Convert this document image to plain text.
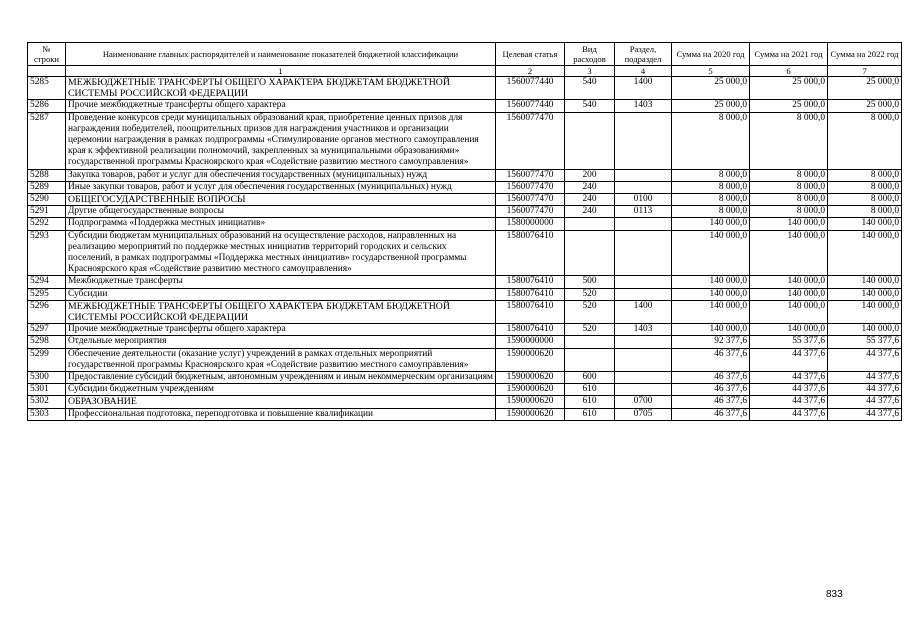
№ строки	Наименование главных распорядителей и наименование показателей бюджетной классификации	Целевая статья	Вид расходов	Раздел, подраздел	Сумма на 2020 год	Сумма на 2021 год	Сумма на 2022 год
	1	2	3	4	5	6	7
5285	МЕЖБЮДЖЕТНЫЕ ТРАНСФЕРТЫ ОБЩЕГО ХАРАКТЕРА БЮДЖЕТАМ БЮДЖЕТНОЙ СИСТЕМЫ РОССИЙСКОЙ ФЕДЕРАЦИИ	1560077440	540	1400	25 000,0	25 000,0	25 000,0
5286	Прочие межбюджетные трансферты общего характера	1560077440	540	1403	25 000,0	25 000,0	25 000,0
5287	Проведение конкурсов среди муниципальных образований края, приобретение ценных призов для награждения победителей, поощрительных призов для награждения участников и организации церемонии награждения в рамках подпрограммы «Стимулирование органов местного самоуправления края к эффективной реализации полномочий, закрепленных за муниципальными образованиями» государственной программы Красноярского края «Содействие развитию местного самоуправления»	1560077470			8 000,0	8 000,0	8 000,0
5288	Закупка товаров, работ и услуг для обеспечения государственных (муниципальных) нужд	1560077470	200		8 000,0	8 000,0	8 000,0
5289	Иные закупки товаров, работ и услуг для обеспечения государственных (муниципальных) нужд	1560077470	240		8 000,0	8 000,0	8 000,0
5290	ОБЩЕГОСУДАРСТВЕННЫЕ ВОПРОСЫ	1560077470	240	0100	8 000,0	8 000,0	8 000,0
5291	Другие общегосударственные вопросы	1560077470	240	0113	8 000,0	8 000,0	8 000,0
5292	Подпрограмма «Поддержка местных инициатив»	1580000000			140 000,0	140 000,0	140 000,0
5293	Субсидии бюджетам муниципальных образований на осуществление расходов, направленных на реализацию мероприятий по поддержке местных инициатив территорий городских и сельских поселений, в рамках подпрограммы «Поддержка местных инициатив» государственной программы Красноярского края «Содействие развитию местного самоуправления»	1580076410			140 000,0	140 000,0	140 000,0
5294	Межбюджетные трансферты	1580076410	500		140 000,0	140 000,0	140 000,0
5295	Субсидии	1580076410	520		140 000,0	140 000,0	140 000,0
5296	МЕЖБЮДЖЕТНЫЕ ТРАНСФЕРТЫ ОБЩЕГО ХАРАКТЕРА БЮДЖЕТАМ БЮДЖЕТНОЙ СИСТЕМЫ РОССИЙСКОЙ ФЕДЕРАЦИИ	1580076410	520	1400	140 000,0	140 000,0	140 000,0
5297	Прочие межбюджетные трансферты общего характера	1580076410	520	1403	140 000,0	140 000,0	140 000,0
5298	Отдельные мероприятия	1590000000			92 377,6	55 377,6	55 377,6
5299	Обеспечение деятельности (оказание услуг) учреждений в рамках отдельных мероприятий государственной программы Красноярского края «Содействие развитию местного самоуправления»	1590000620			46 377,6	44 377,6	44 377,6
5300	Предоставление субсидий бюджетным, автономным учреждениям и иным некоммерческим организациям	1590000620	600		46 377,6	44 377,6	44 377,6
5301	Субсидии бюджетным учреждениям	1590000620	610		46 377,6	44 377,6	44 377,6
5302	ОБРАЗОВАНИЕ	1590000620	610	0700	46 377,6	44 377,6	44 377,6
5303	Профессиональная подготовка, переподготовка и повышение квалификации	1590000620	610	0705	46 377,6	44 377,6	44 377,6
833
